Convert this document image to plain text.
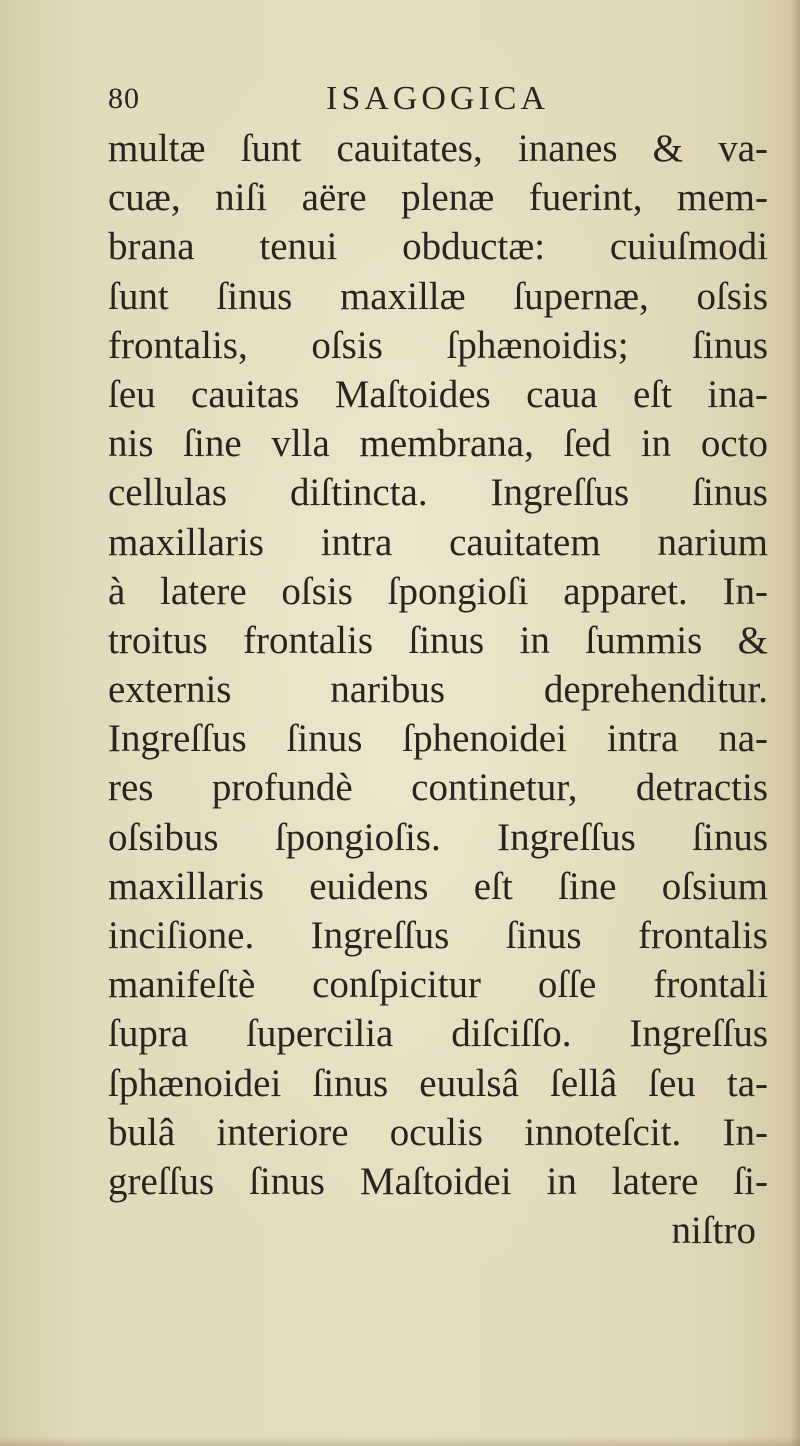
80	ISAGOGICA
multæ ſunt cauitates, inanes & va-
cuæ, niſi aëre plenæ fuerint, mem-
brana tenui obductæ: cuiuſmodi
ſunt ſinus maxillæ ſupernæ, oſsis
frontalis, oſsis ſphænoidis; ſinus
ſeu cauitas Maſtoides caua eſt ina-
nis ſine vlla membrana, ſed in octo
cellulas diſtincta. Ingreſſus ſinus
maxillaris intra cauitatem narium
à latere oſsis ſpongioſi apparet. In-
troitus frontalis ſinus in ſummis &
externis naribus deprehenditur.
Ingreſſus ſinus ſphenoidei intra na-
res profundè continetur, detractis
oſsibus ſpongioſis. Ingreſſus ſinus
maxillaris euidens eſt ſine oſsium
inciſione. Ingreſſus ſinus frontalis
manifeſtè conſpicitur oſſe frontali
ſupra ſupercilia diſciſſo. Ingreſſus
ſphænoidei ſinus euulsâ ſellâ ſeu ta-
bulâ interiore oculis innoteſcit. In-
greſſus ſinus Maſtoidei in latere ſi-
niſtro
